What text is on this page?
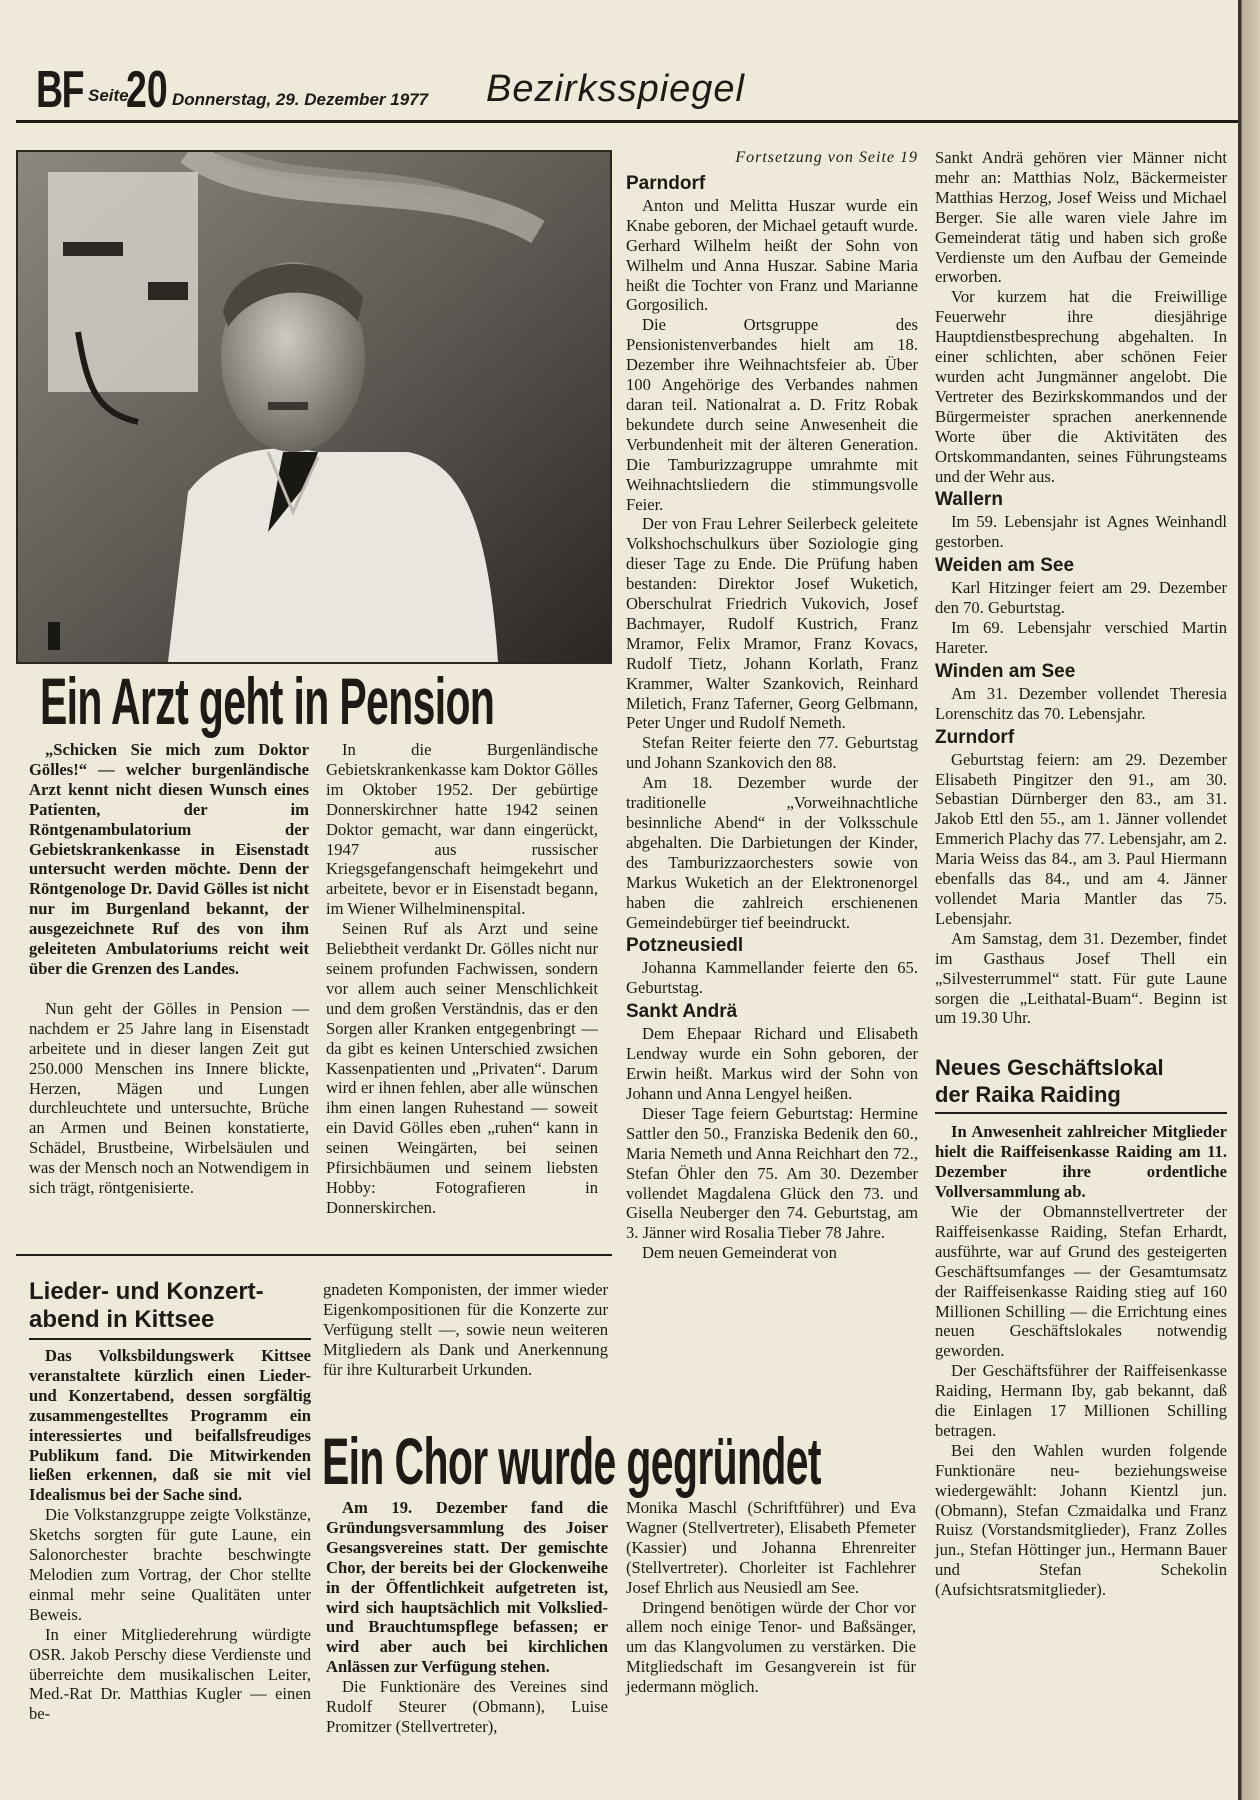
BF Seite
20 Donnerstag, 29. Dezember 1977 Bezirksspiegel
Ein Arzt geht in Pension

„Schicken Sie mich zum Doktor Gölles!“ — welcher burgenländische Arzt kennt nicht diesen Wunsch eines Patienten, der im Röntgenambulatorium der Gebietskrankenkasse in Eisenstadt untersucht werden möchte. Denn der Röntgenologe Dr. David Gölles ist nicht nur im Burgenland bekannt, der ausgezeichnete Ruf des von ihm geleiteten Ambulatoriums reicht weit über die Grenzen des Landes.

Nun geht der Gölles in Pension — nachdem er 25 Jahre lang in Eisenstadt arbeitete und in dieser langen Zeit gut 250.000 Menschen ins Innere blickte, Herzen, Mägen und Lungen durchleuchtete und untersuchte, Brüche an Armen und Beinen konstatierte, Schädel, Brustbeine, Wirbelsäulen und was der Mensch noch an Notwendigem in sich trägt, röntgenisierte.

In die Burgenländische Gebietskrankenkasse kam Doktor Gölles im Oktober 1952. Der gebürtige Donnerskirchner hatte 1942 seinen Doktor gemacht, war dann eingerückt, 1947 aus russischer Kriegsgefangenschaft heimgekehrt und arbeitete, bevor er in Eisenstadt begann, im Wiener Wilhelminenspital.

Seinen Ruf als Arzt und seine Beliebtheit verdankt Dr. Gölles nicht nur seinem profunden Fachwissen, sondern vor allem auch seiner Menschlichkeit und dem großen Verständnis, das er den Sorgen aller Kranken entgegenbringt — da gibt es keinen Unterschied zwsichen Kassenpatienten und „Privaten“. Darum wird er ihnen fehlen, aber alle wünschen ihm einen langen Ruhestand — soweit ein David Gölles eben „ruhen“ kann in seinen Weingärten, bei seinen Pfirsichbäumen und seinem liebsten Hobby: Fotografieren in Donnerskirchen.

Lieder- und Konzert-
abend in Kittsee

Das Volksbildungswerk Kittsee veranstaltete kürzlich einen Lieder- und Konzertabend, dessen sorgfältig zusammengestelltes Programm ein interessiertes und beifallsfreudiges Publikum fand. Die Mitwirkenden ließen erkennen, daß sie mit viel Idealismus bei der Sache sind.

Die Volkstanzgruppe zeigte Volkstänze, Sketchs sorgten für gute Laune, ein Salonorchester brachte beschwingte Melodien zum Vortrag, der Chor stellte einmal mehr seine Qualitäten unter Beweis.

In einer Mitgliederehrung würdigte OSR. Jakob Perschy diese Verdienste und überreichte dem musikalischen Leiter, Med.-Rat Dr. Matthias Kugler — einen be-

gnadeten Komponisten, der immer wieder Eigenkompositionen für die Konzerte zur Verfügung stellt —, sowie neun weiteren Mitgliedern als Dank und Anerkennung für ihre Kulturarbeit Urkunden.

Ein Chor wurde gegründet

Am 19. Dezember fand die Gründungsversammlung des Joiser Gesangsvereines statt. Der gemischte Chor, der bereits bei der Glockenweihe in der Öffentlichkeit aufgetreten ist, wird sich hauptsächlich mit Volkslied- und Brauchtumspflege befassen; er wird aber auch bei kirchlichen Anlässen zur Verfügung stehen.

Die Funktionäre des Vereines sind Rudolf Steurer (Obmann), Luise Promitzer (Stellvertreter),

Monika Maschl (Schriftführer) und Eva Wagner (Stellvertreter), Elisabeth Pfemeter (Kassier) und Johanna Ehrenreiter (Stellvertreter). Chorleiter ist Fachlehrer Josef Ehrlich aus Neusiedl am See.

Dringend benötigen würde der Chor vor allem noch einige Tenor- und Baßsänger, um das Klangvolumen zu verstärken. Die Mitgliedschaft im Gesangverein ist für jedermann möglich.

Fortsetzung von Seite 19
Parndorf

Anton und Melitta Huszar wurde ein Knabe geboren, der Michael getauft wurde. Gerhard Wilhelm heißt der Sohn von Wilhelm und Anna Huszar. Sabine Maria heißt die Tochter von Franz und Marianne Gorgosilich.

Die Ortsgruppe des Pensionistenverbandes hielt am 18. Dezember ihre Weihnachtsfeier ab. Über 100 Angehörige des Verbandes nahmen daran teil. Nationalrat a. D. Fritz Robak bekundete durch seine Anwesenheit die Verbundenheit mit der älteren Generation. Die Tamburizzagruppe umrahmte mit Weihnachtsliedern die stimmungsvolle Feier.

Der von Frau Lehrer Seilerbeck geleitete Volkshochschulkurs über Soziologie ging dieser Tage zu Ende. Die Prüfung haben bestanden: Direktor Josef Wuketich, Oberschulrat Friedrich Vukovich, Josef Bachmayer, Rudolf Kustrich, Franz Mramor, Felix Mramor, Franz Kovacs, Rudolf Tietz, Johann Korlath, Franz Krammer, Walter Szankovich, Reinhard Miletich, Franz Taferner, Georg Gelbmann, Peter Unger und Rudolf Nemeth.

Stefan Reiter feierte den 77. Geburtstag und Johann Szankovich den 88.

Am 18. Dezember wurde der traditionelle „Vorweihnachtliche besinnliche Abend“ in der Volksschule abgehalten. Die Darbietungen der Kinder, des Tamburizzaorchesters sowie von Markus Wuketich an der Elektronenorgel haben die zahlreich erschienenen Gemeindebürger tief beeindruckt.

Potzneusiedl

Johanna Kammellander feierte den 65. Geburtstag.

Sankt Andrä

Dem Ehepaar Richard und Elisabeth Lendway wurde ein Sohn geboren, der Erwin heißt. Markus wird der Sohn von Johann und Anna Lengyel heißen.

Dieser Tage feiern Geburtstag: Hermine Sattler den 50., Franziska Bedenik den 60., Maria Nemeth und Anna Reichhart den 72., Stefan Öhler den 75. Am 30. Dezember vollendet Magdalena Glück den 73. und Gisella Neuberger den 74. Geburtstag, am 3. Jänner wird Rosalia Tieber 78 Jahre.

Dem neuen Gemeinderat von

Sankt Andrä gehören vier Männer nicht mehr an: Matthias Nolz, Bäckermeister Matthias Herzog, Josef Weiss und Michael Berger. Sie alle waren viele Jahre im Gemeinderat tätig und haben sich große Verdienste um den Aufbau der Gemeinde erworben.

Vor kurzem hat die Freiwillige Feuerwehr ihre diesjährige Hauptdienstbesprechung abgehalten. In einer schlichten, aber schönen Feier wurden acht Jungmänner angelobt. Die Vertreter des Bezirkskommandos und der Bürgermeister sprachen anerkennende Worte über die Aktivitäten des Ortskommandanten, seines Führungsteams und der Wehr aus.

Wallern

Im 59. Lebensjahr ist Agnes Weinhandl gestorben.

Weiden am See

Karl Hitzinger feiert am 29. Dezember den 70. Geburtstag.

Im 69. Lebensjahr verschied Martin Hareter.

Winden am See

Am 31. Dezember vollendet Theresia Lorenschitz das 70. Lebensjahr.

Zurndorf

Geburtstag feiern: am 29. Dezember Elisabeth Pingitzer den 91., am 30. Sebastian Dürnberger den 83., am 31. Jakob Ettl den 55., am 1. Jänner vollendet Emmerich Plachy das 77. Lebensjahr, am 2. Maria Weiss das 84., am 3. Paul Hiermann ebenfalls das 84., und am 4. Jänner vollendet Maria Mantler das 75. Lebensjahr.

Am Samstag, dem 31. Dezember, findet im Gasthaus Josef Thell ein „Silvesterrummel“ statt. Für gute Laune sorgen die „Leithatal-Buam“. Beginn ist um 19.30 Uhr.

Neues Geschäftslokal
der Raika Raiding

In Anwesenheit zahlreicher Mitglieder hielt die Raiffeisenkasse Raiding am 11. Dezember ihre ordentliche Vollversammlung ab.

Wie der Obmannstellvertreter der Raiffeisenkasse Raiding, Stefan Erhardt, ausführte, war auf Grund des gesteigerten Geschäftsumfanges — der Gesamtumsatz der Raiffeisenkasse Raiding stieg auf 160 Millionen Schilling — die Errichtung eines neuen Geschäftslokales notwendig geworden.

Der Geschäftsführer der Raiffeisenkasse Raiding, Hermann Iby, gab bekannt, daß die Einlagen 17 Millionen Schilling betragen.

Bei den Wahlen wurden folgende Funktionäre neu- beziehungsweise wiedergewählt: Johann Kientzl jun. (Obmann), Stefan Czmaidalka und Franz Ruisz (Vorstandsmitglieder), Franz Zolles jun., Stefan Höttinger jun., Hermann Bauer und Stefan Schekolin (Aufsichtsratsmitglieder).
